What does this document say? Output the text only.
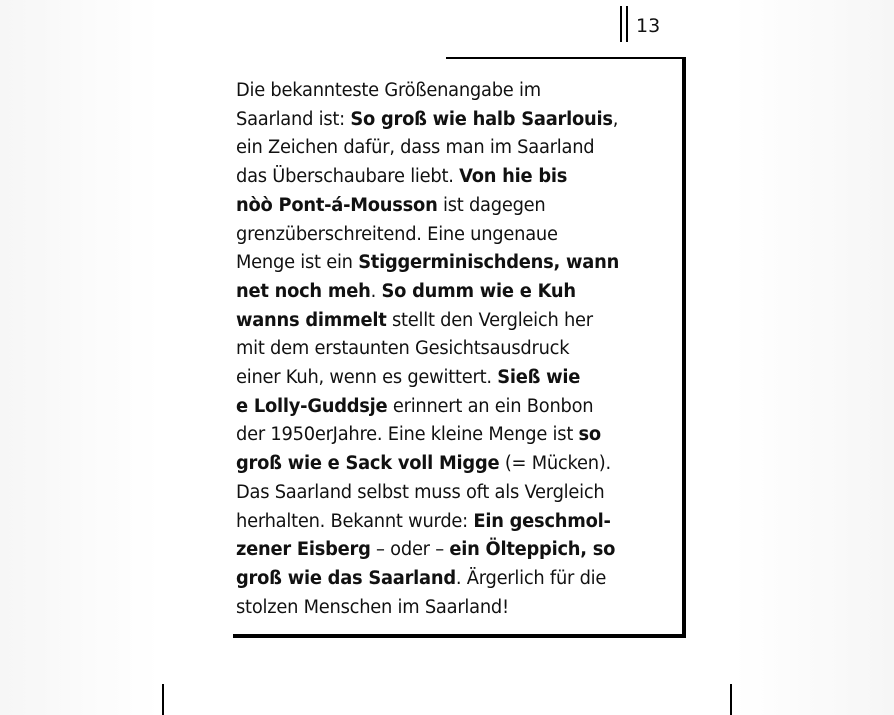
13
Die bekannteste Größenangabe im
Saarland ist: So groß wie halb Saarlouis,
ein Zeichen dafür, dass man im Saarland
das Überschaubare liebt. Von hie bis
nòò Pont-á-Mousson ist dagegen
grenzüberschreitend. Eine ungenaue
Menge ist ein Stiggerminischdens, wann
net noch meh. So dumm wie e Kuh
wanns dimmelt stellt den Vergleich her
mit dem erstaunten Gesichtsausdruck
einer Kuh, wenn es gewittert. Sieß wie
e Lolly-Guddsje erinnert an ein Bonbon
der 1950erJahre. Eine kleine Menge ist so
groß wie e Sack voll Migge (= Mücken).
Das Saarland selbst muss oft als Vergleich
herhalten. Bekannt wurde: Ein geschmol-
zener Eisberg – oder – ein Ölteppich, so
groß wie das Saarland. Ärgerlich für die
stolzen Menschen im Saarland!
